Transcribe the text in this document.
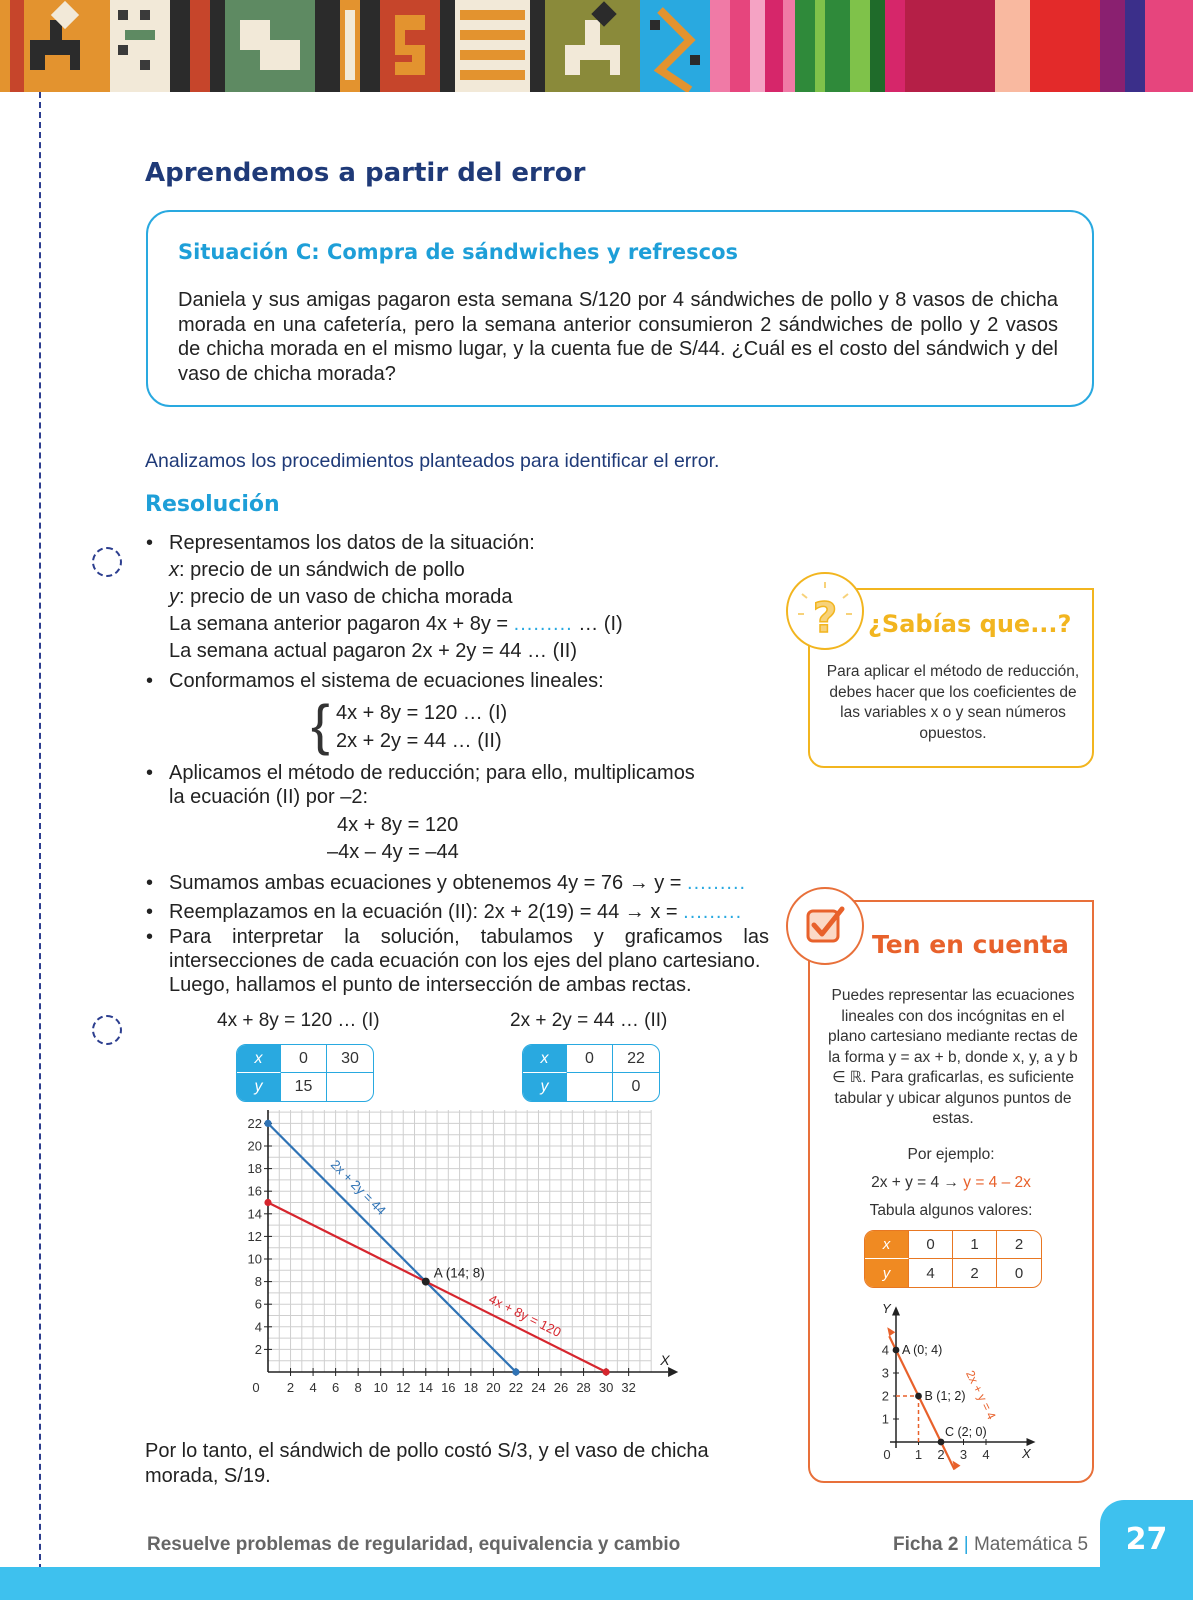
Aprendemos a partir del error
Situación C: Compra de sándwiches y refrescos
Daniela y sus amigas pagaron esta semana S/120 por 4 sándwiches de pollo y 8 vasos de chicha morada en una cafetería, pero la semana anterior consumieron 2 sándwiches de pollo y 2 vasos de chicha morada en el mismo lugar, y la cuenta fue de S/44. ¿Cuál es el costo del sándwich y del vaso de chicha morada?
Analizamos los procedimientos planteados para identificar el error.
Resolución
• Representamos los datos de la situación:
x: precio de un sándwich de pollo
y: precio de un vaso de chicha morada
La semana anterior pagaron 4x + 8y = ......... … (I)
La semana actual pagaron 2x + 2y = 44 … (II)
• Conformamos el sistema de ecuaciones lineales:
{ 4x + 8y = 120 … (I)
2x + 2y = 44 … (II)
• Aplicamos el método de reducción; para ello, multiplicamos
la ecuación (II) por –2:
4x + 8y = 120
–4x – 4y = –44
• Sumamos ambas ecuaciones y obtenemos 4y = 76 → y = .........
• Reemplazamos en la ecuación (II): 2x + 2(19) = 44 → x = .........
• Para interpretar la solución, tabulamos y graficamos las
intersecciones de cada ecuación con los ejes del plano cartesiano.
Luego, hallamos el punto de intersección de ambas rectas.
4x + 8y = 120 … (I)	2x + 2y = 44 … (II)
x	0	30
y	15	
x	0	22
y		0
X
0 2 4 6 8 10 12 14 16 18 20 22 24 26 28 30 32
2
4
6
8
10
12
14
16
18
20
22
2x + 2y = 44
4x + 8y = 120
A (14; 8)
Por lo tanto, el sándwich de pollo costó S/3, y el vaso de chicha
morada, S/19.
¿Sabías que...?
Para aplicar el método de reducción, debes hacer que los coeficientes de las variables x o y sean números opuestos.
?
Ten en cuenta
Puedes representar las ecuaciones lineales con dos incógnitas en el plano cartesiano mediante rectas de la forma y = ax + b, donde x, y, a y b ∈ ℝ. Para graficarlas, es suficiente tabular y ubicar algunos puntos de estas.
Por ejemplo:
2x + y = 4 → y = 4 – 2x
Tabula algunos valores:
x	0	1	2
y	4	2	0
X
Y
0 1 2 3 4
1
2
3
4 A (0; 4)
B (1; 2)
C (2; 0)
2x + y = 4
Resuelve problemas de regularidad, equivalencia y cambio	Ficha 2 | Matemática 5	27
